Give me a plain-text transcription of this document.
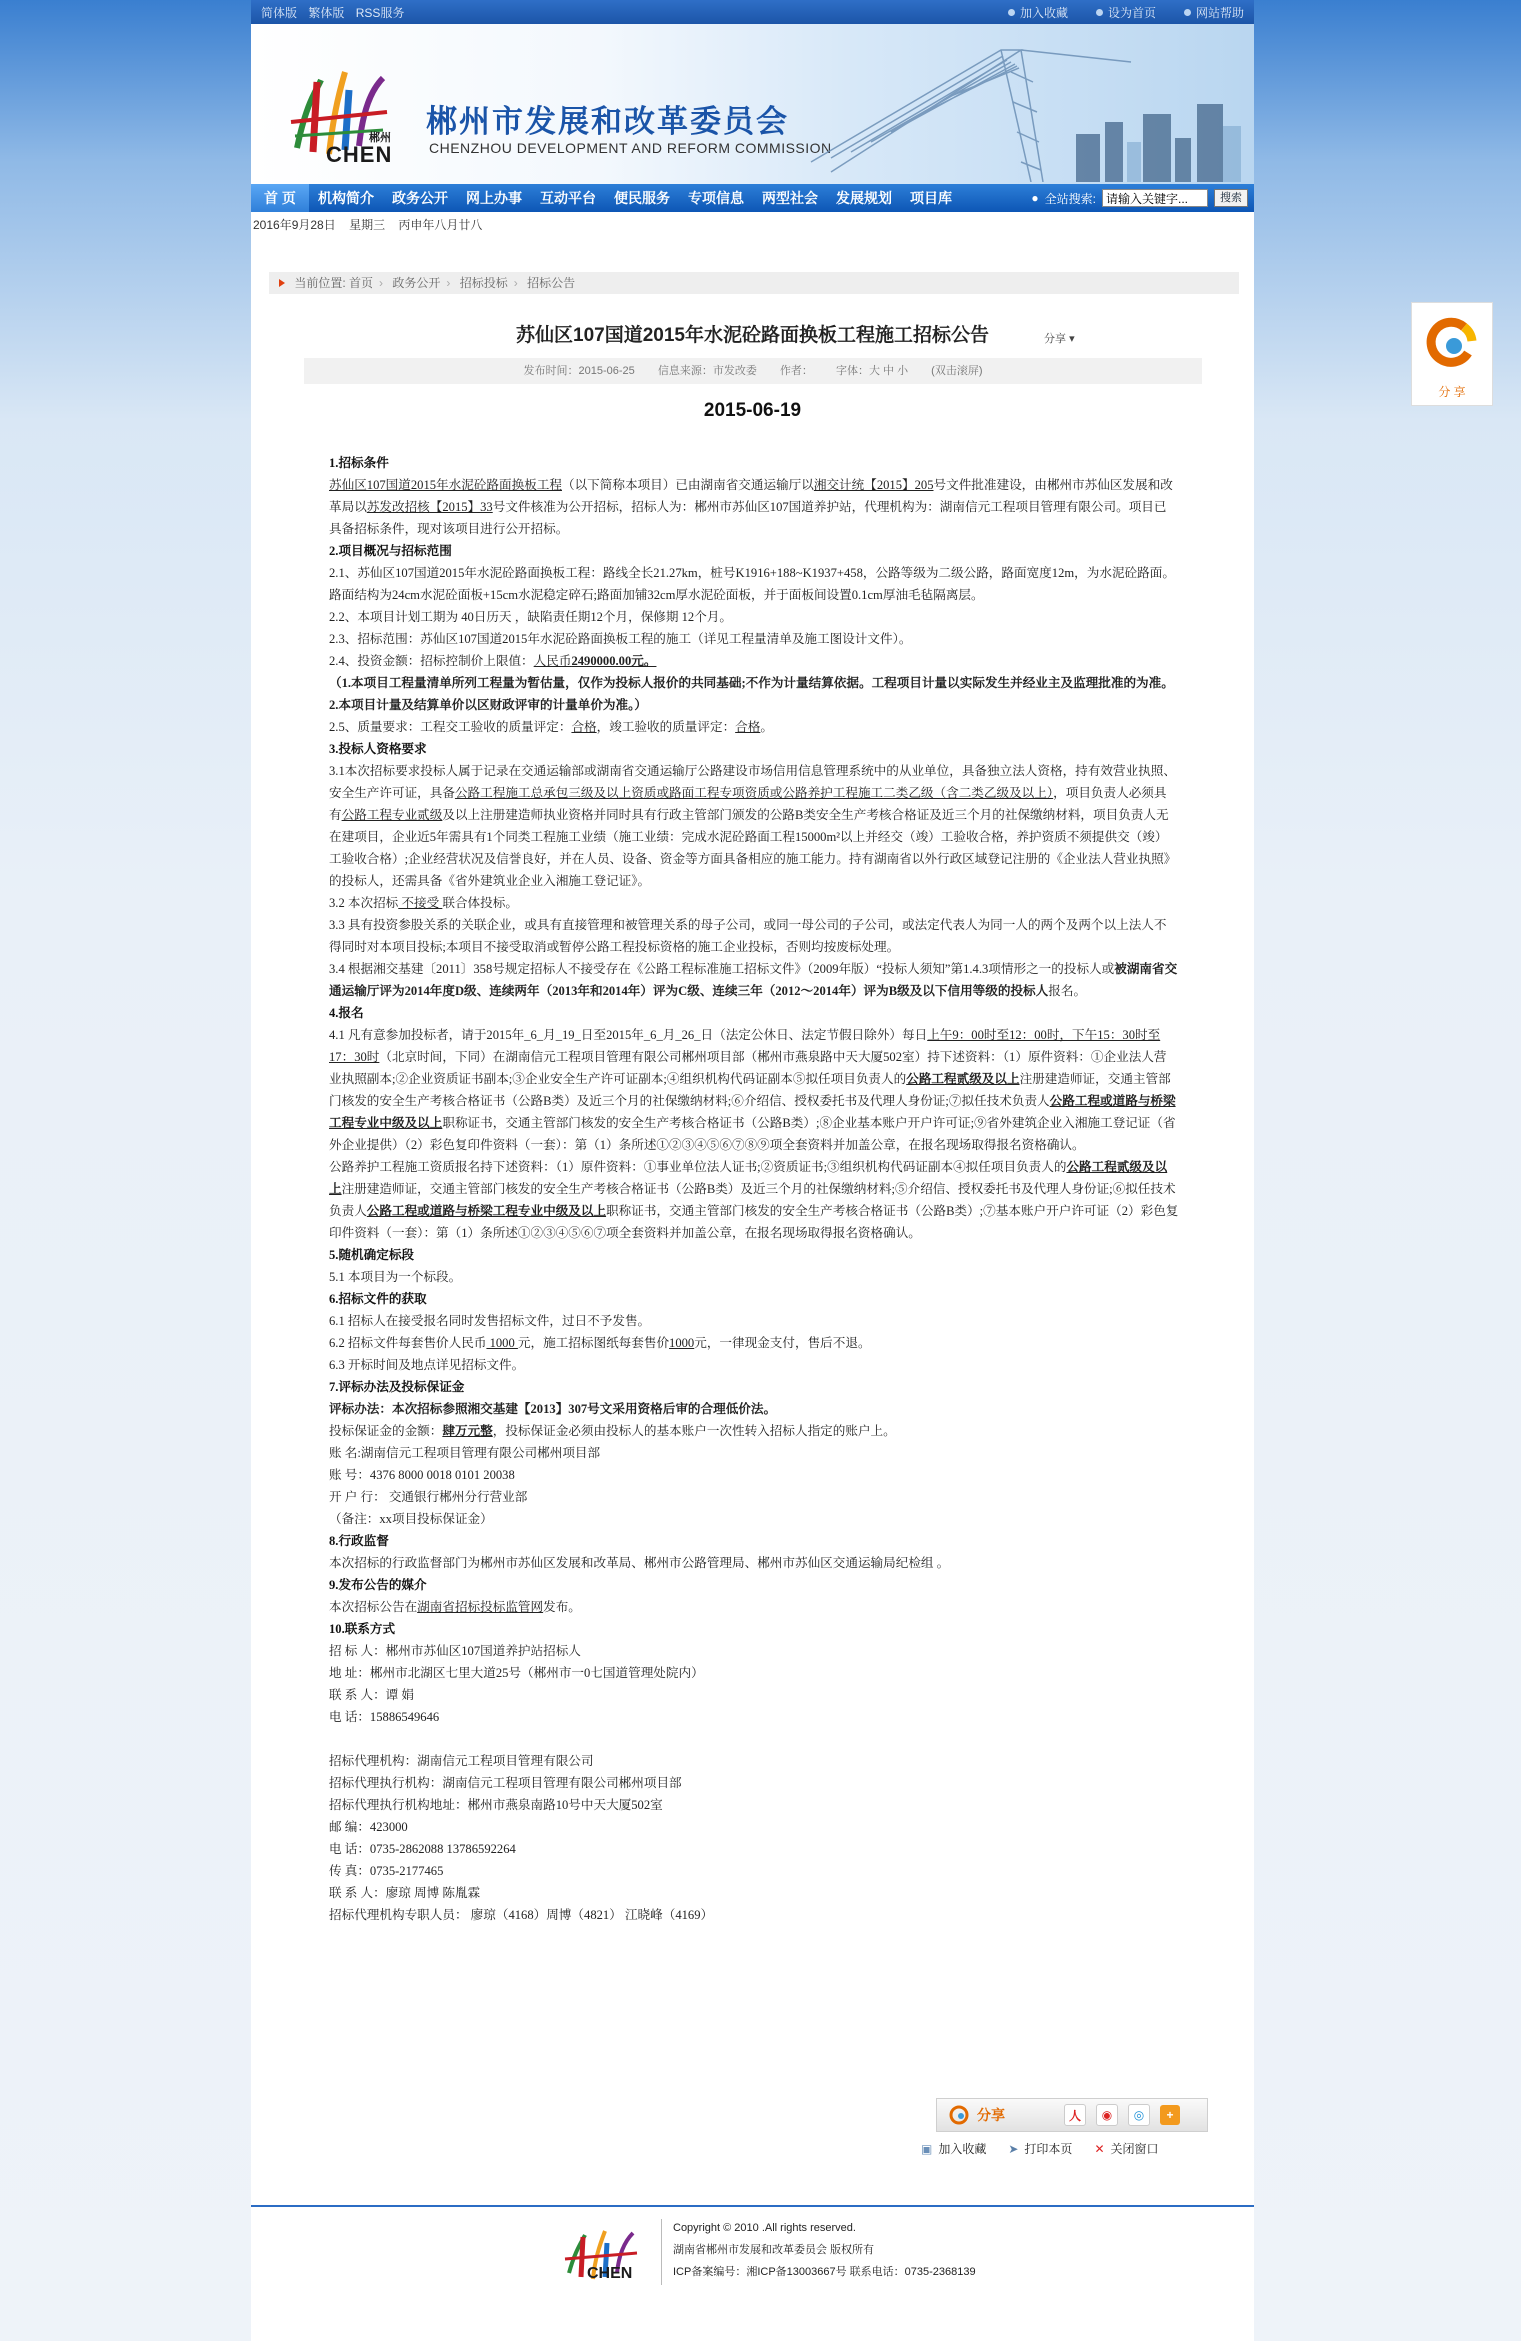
简体版 繁体版 RSS服务	加入收藏	设为首页	网站帮助
郴州
CHEN
郴州市发展和改革委员会
CHENZHOU DEVELOPMENT AND REFORM COMMISSION
首 页	机构简介	政务公开	网上办事	互动平台	便民服务	专项信息	两型社会	发展规划	项目库	● 全站搜索:
请输入关键字...	搜索
2016年9月28日 星期三 丙申年八月廿八
当前位置: 首页 › 政务公开 › 招标投标 › 招标公告
苏仙区107国道2015年水泥砼路面换板工程施工招标公告	分享 ▾
发布时间：2015-06-25 信息来源：市发改委 作者： 字体：大 中 小 (双击滚屏)
2015-06-19

1.招标条件

苏仙区107国道2015年水泥砼路面换板工程（以下简称本项目）已由湖南省交通运输厅以湘交计统【2015】205号文件批准建设，由郴州市苏仙区发展和改革局以苏发改招核【2015】33号文件核准为公开招标，招标人为：郴州市苏仙区107国道养护站，代理机构为：湖南信元工程项目管理有限公司。项目已具备招标条件，现对该项目进行公开招标。

2.项目概况与招标范围

2.1、苏仙区107国道2015年水泥砼路面换板工程：路线全长21.27km，桩号K1916+188~K1937+458，公路等级为二级公路，路面宽度12m，为水泥砼路面。路面结构为24cm水泥砼面板+15cm水泥稳定碎石;路面加铺32cm厚水泥砼面板，并于面板间设置0.1cm厚油毛毡隔离层。

2.2、本项目计划工期为 40日历天 ，缺陷责任期12个月，保修期 12个月。

2.3、招标范围：苏仙区107国道2015年水泥砼路面换板工程的施工（详见工程量清单及施工图设计文件）。

2.4、投资金额：招标控制价上限值：人民币2490000.00元。

（1.本项目工程量清单所列工程量为暂估量，仅作为投标人报价的共同基础;不作为计量结算依据。工程项目计量以实际发生并经业主及监理批准的为准。2.本项目计量及结算单价以区财政评审的计量单价为准。）

2.5、质量要求：工程交工验收的质量评定：合格，竣工验收的质量评定：合格。

3.投标人资格要求

3.1本次招标要求投标人属于记录在交通运输部或湖南省交通运输厅公路建设市场信用信息管理系统中的从业单位，具备独立法人资格，持有效营业执照、安全生产许可证，具备公路工程施工总承包三级及以上资质或路面工程专项资质或公路养护工程施工二类乙级（含二类乙级及以上），项目负责人必须具有公路工程专业贰级及以上注册建造师执业资格并同时具有行政主管部门颁发的公路B类安全生产考核合格证及近三个月的社保缴纳材料，项目负责人无在建项目，企业近5年需具有1个同类工程施工业绩（施工业绩：完成水泥砼路面工程15000m²以上并经交（竣）工验收合格，养护资质不须提供交（竣）工验收合格）;企业经营状况及信誉良好，并在人员、设备、资金等方面具备相应的施工能力。持有湖南省以外行政区域登记注册的《企业法人营业执照》的投标人，还需具备《省外建筑业企业入湘施工登记证》。

3.2 本次招标 不接受 联合体投标。

3.3 具有投资参股关系的关联企业，或具有直接管理和被管理关系的母子公司，或同一母公司的子公司，或法定代表人为同一人的两个及两个以上法人不得同时对本项目投标;本项目不接受取消或暂停公路工程投标资格的施工企业投标，否则均按废标处理。

3.4 根据湘交基建〔2011〕358号规定招标人不接受存在《公路工程标准施工招标文件》（2009年版）“投标人须知”第1.4.3项情形之一的投标人或被湖南省交通运输厅评为2014年度D级、连续两年（2013年和2014年）评为C级、连续三年（2012～2014年）评为B级及以下信用等级的投标人报名。

4.报名

4.1 凡有意参加投标者，请于2015年_6_月_19_日至2015年_6_月_26_日（法定公休日、法定节假日除外）每日上午9：00时至12：00时，下午15：30时至17：30时（北京时间，下同）在湖南信元工程项目管理有限公司郴州项目部（郴州市燕泉路中天大厦502室）持下述资料：（1）原件资料：①企业法人营业执照副本;②企业资质证书副本;③企业安全生产许可证副本;④组织机构代码证副本⑤拟任项目负责人的公路工程贰级及以上注册建造师证，交通主管部门核发的安全生产考核合格证书（公路B类）及近三个月的社保缴纳材料;⑥介绍信、授权委托书及代理人身份证;⑦拟任技术负责人公路工程或道路与桥梁工程专业中级及以上职称证书，交通主管部门核发的安全生产考核合格证书（公路B类）;⑧企业基本账户开户许可证;⑨省外建筑企业入湘施工登记证（省外企业提供）（2）彩色复印件资料（一套）：第（1）条所述①②③④⑤⑥⑦⑧⑨项全套资料并加盖公章，在报名现场取得报名资格确认。

公路养护工程施工资质报名持下述资料：（1）原件资料：①事业单位法人证书;②资质证书;③组织机构代码证副本④拟任项目负责人的公路工程贰级及以上注册建造师证，交通主管部门核发的安全生产考核合格证书（公路B类）及近三个月的社保缴纳材料;⑤介绍信、授权委托书及代理人身份证;⑥拟任技术负责人公路工程或道路与桥梁工程专业中级及以上职称证书，交通主管部门核发的安全生产考核合格证书（公路B类）;⑦基本账户开户许可证（2）彩色复印件资料（一套）：第（1）条所述①②③④⑤⑥⑦项全套资料并加盖公章，在报名现场取得报名资格确认。

5.随机确定标段

5.1 本项目为一个标段。

6.招标文件的获取

6.1 招标人在接受报名同时发售招标文件，过日不予发售。

6.2 招标文件每套售价人民币 1000 元，施工招标图纸每套售价1000元，一律现金支付，售后不退。

6.3 开标时间及地点详见招标文件。

7.评标办法及投标保证金

评标办法：本次招标参照湘交基建【2013】307号文采用资格后审的合理低价法。

投标保证金的金额：肆万元整，投标保证金必须由投标人的基本账户一次性转入招标人指定的账户上。

账 名:湖南信元工程项目管理有限公司郴州项目部

账 号：4376 8000 0018 0101 20038

开 户 行： 交通银行郴州分行营业部

（备注：xx项目投标保证金）

8.行政监督

本次招标的行政监督部门为郴州市苏仙区发展和改革局、郴州市公路管理局、郴州市苏仙区交通运输局纪检组 。

9.发布公告的媒介

本次招标公告在湖南省招标投标监管网发布。

10.联系方式

招 标 人：郴州市苏仙区107国道养护站招标人

地 址：郴州市北湖区七里大道25号（郴州市一0七国道管理处院内）

联 系 人：谭 娟

电 话：15886549646

招标代理机构：湖南信元工程项目管理有限公司

招标代理执行机构：湖南信元工程项目管理有限公司郴州项目部

招标代理执行机构地址：郴州市燕泉南路10号中天大厦502室

邮 编：423000

电 话：0735-2862088 13786592264

传 真：0735-2177465

联 系 人：廖琼 周博 陈胤霖

招标代理机构专职人员： 廖琼（4168）周博（4821） 江晓峰（4169）

分享	人	◉	◎	+
▣ 加入收藏 ➤ 打印本页 ✕ 关闭窗口
CHEN
Copyright © 2010 .All rights reserved.
湖南省郴州市发展和改革委员会 版权所有
ICP备案编号：湘ICP备13003667号 联系电话：0735-2368139
分 享
